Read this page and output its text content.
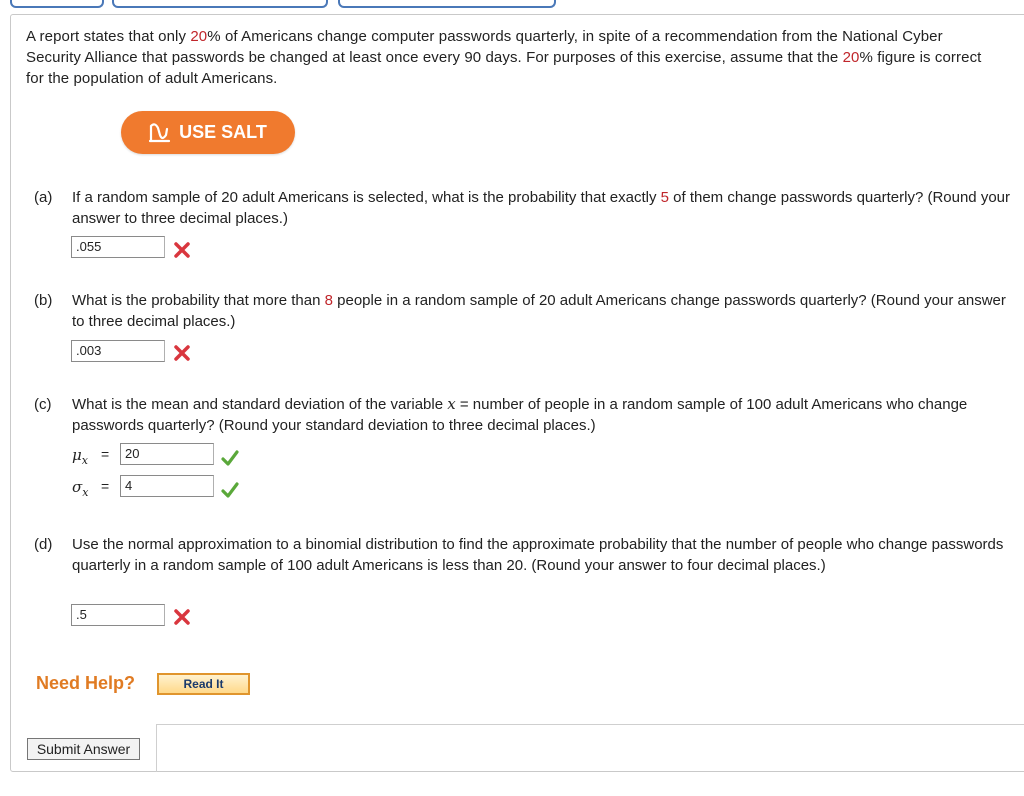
A report states that only 20% of Americans change computer passwords quarterly, in spite of a recommendation from the National Cyber Security Alliance that passwords be changed at least once every 90 days. For purposes of this exercise, assume that the 20% figure is correct for the population of adult Americans.
USE SALT
(a)	If a random sample of 20 adult Americans is selected, what is the probability that exactly 5 of them change passwords quarterly? (Round your answer to three decimal places.)
.055
(b)	What is the probability that more than 8 people in a random sample of 20 adult Americans change passwords quarterly? (Round your answer to three decimal places.)
.003
(c)	What is the mean and standard deviation of the variable x = number of people in a random sample of 100 adult Americans who change passwords quarterly? (Round your standard deviation to three decimal places.)
$\mu_x$ =
20
$\sigma_x$ =
4
(d)	Use the normal approximation to a binomial distribution to find the approximate probability that the number of people who change passwords quarterly in a random sample of 100 adult Americans is less than 20. (Round your answer to four decimal places.)
.5
Need Help?	Read It
Submit Answer
